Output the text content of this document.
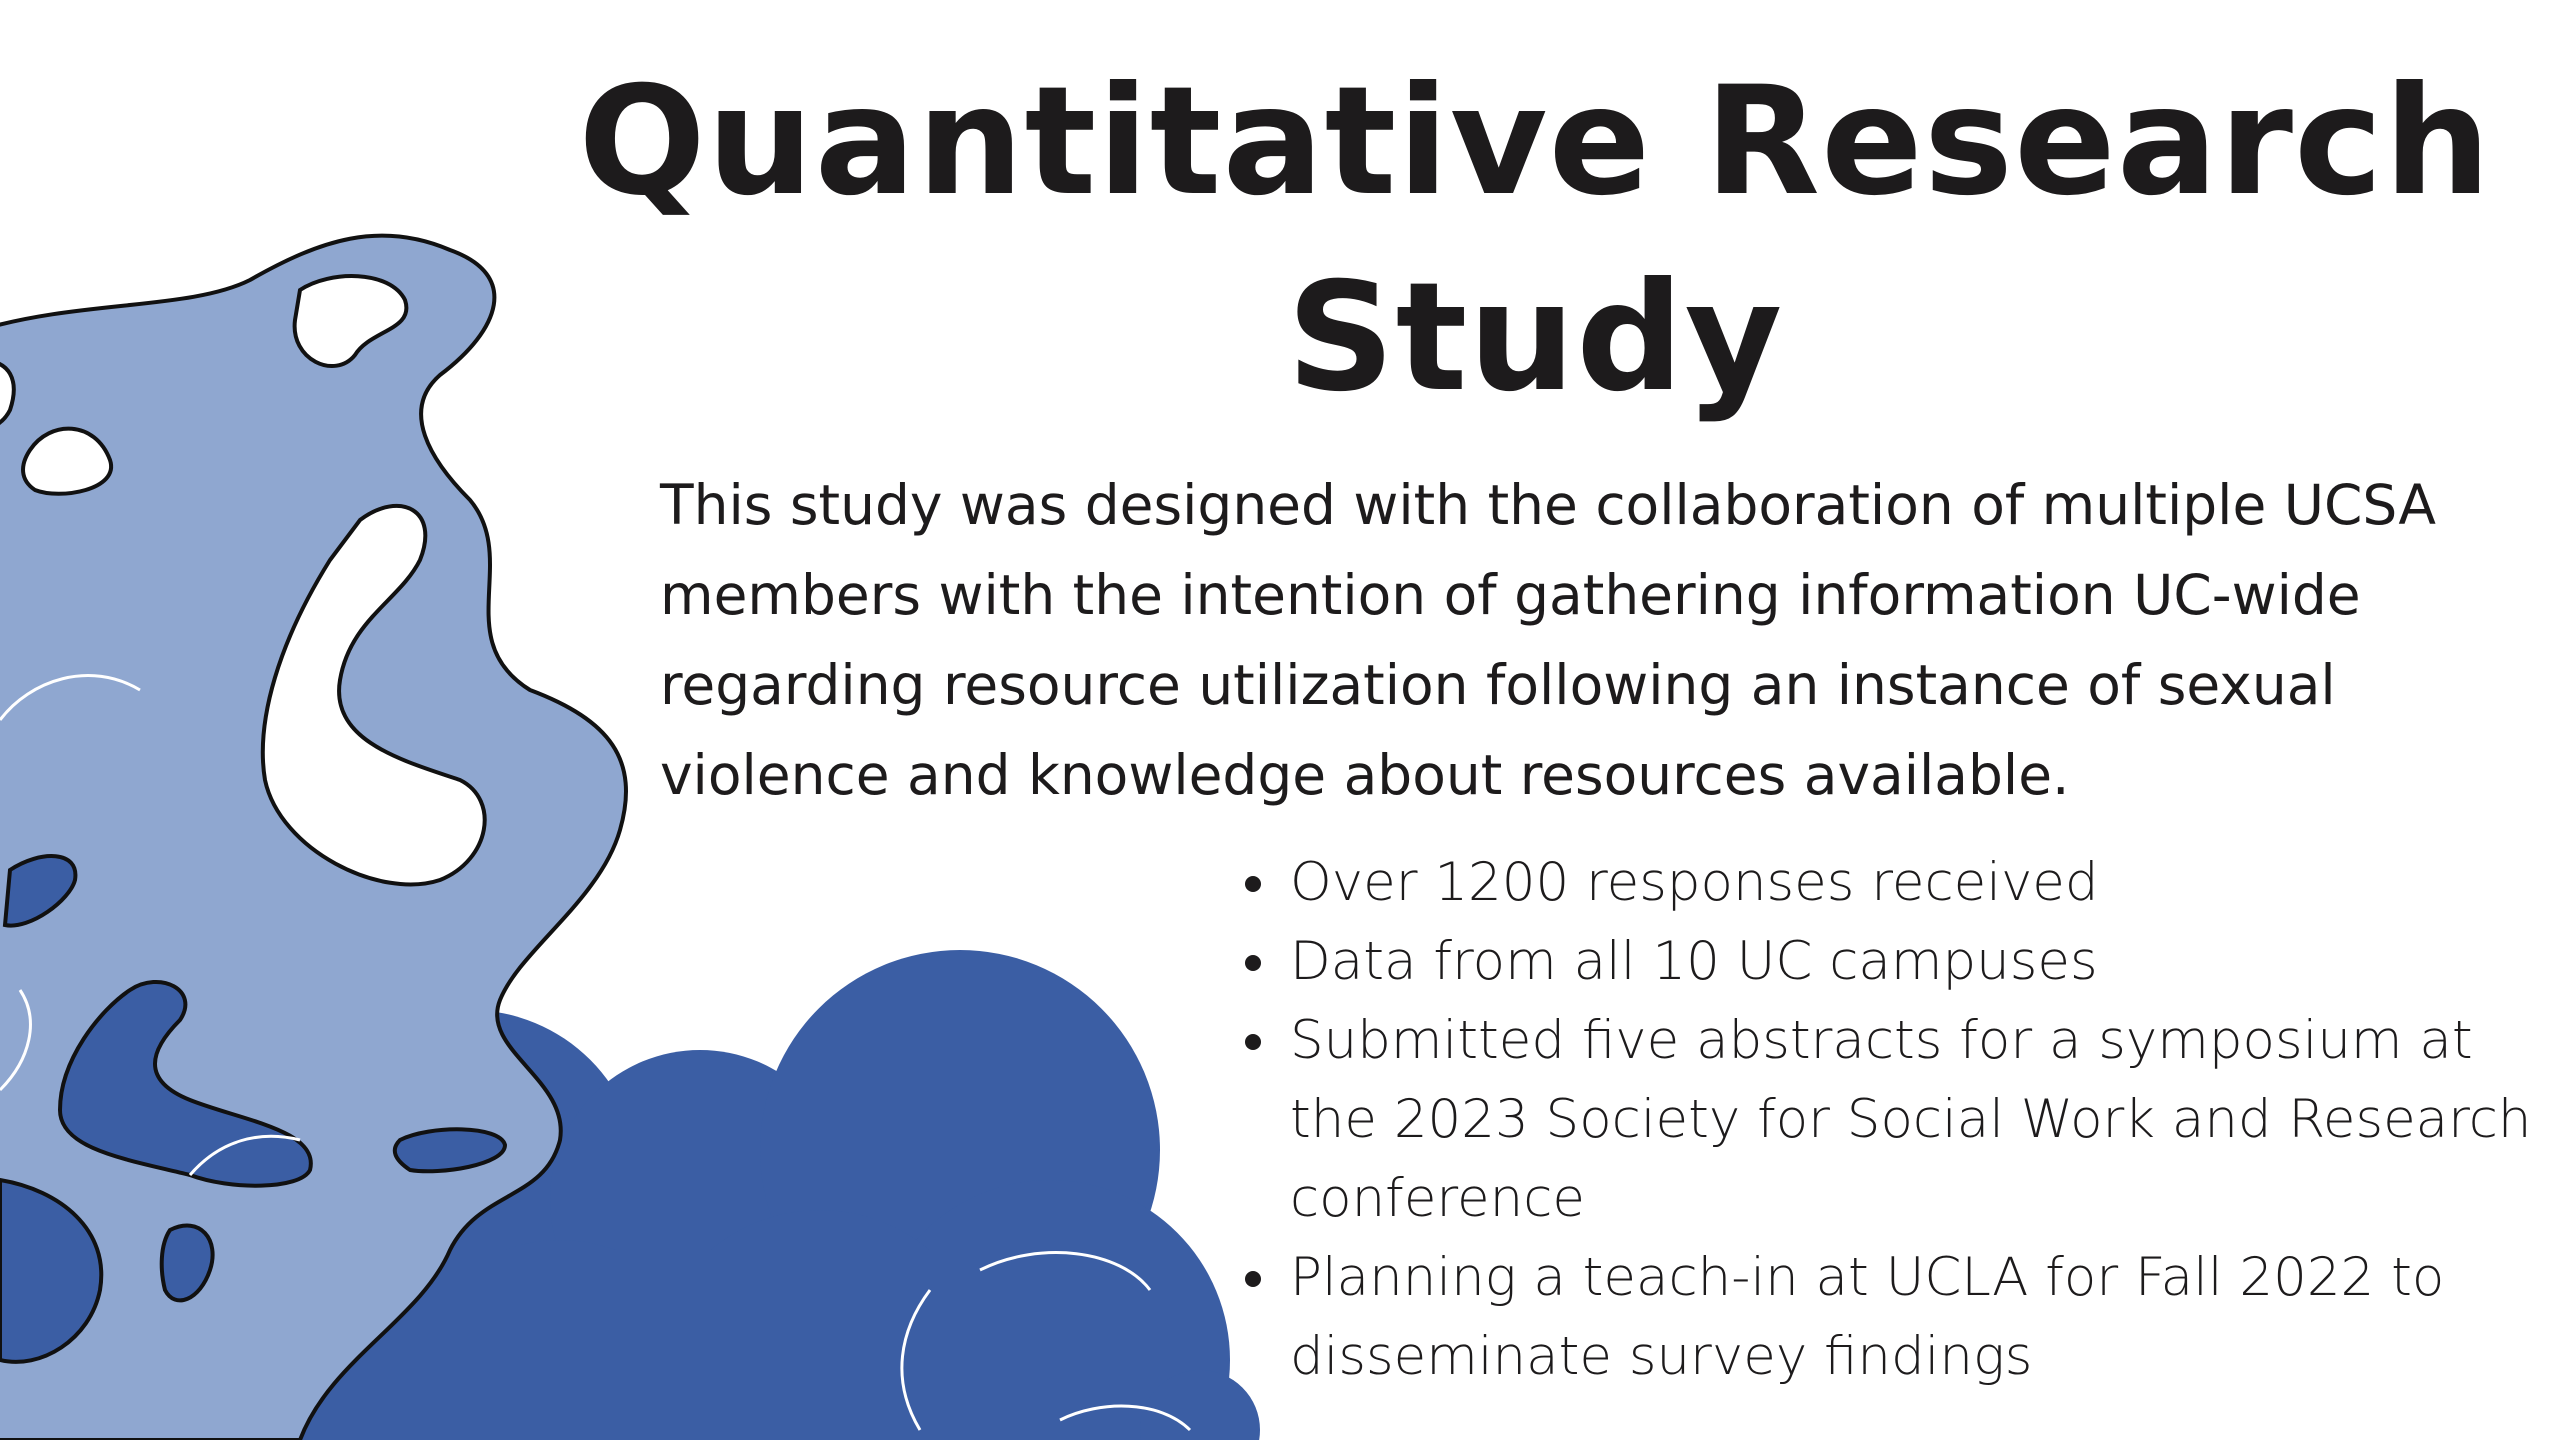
Quantitative Research Study

This study was designed with the collaboration of multiple UCSA members with the intention of gathering information UC-wide regarding resource utilization following an instance of sexual violence and knowledge about resources available.

Over 1200 responses received
Data from all 10 UC campuses
Submitted five abstracts for a symposium at the 2023 Society for Social Work and Research conference
Planning a teach-in at UCLA for Fall 2022 to disseminate survey findings
